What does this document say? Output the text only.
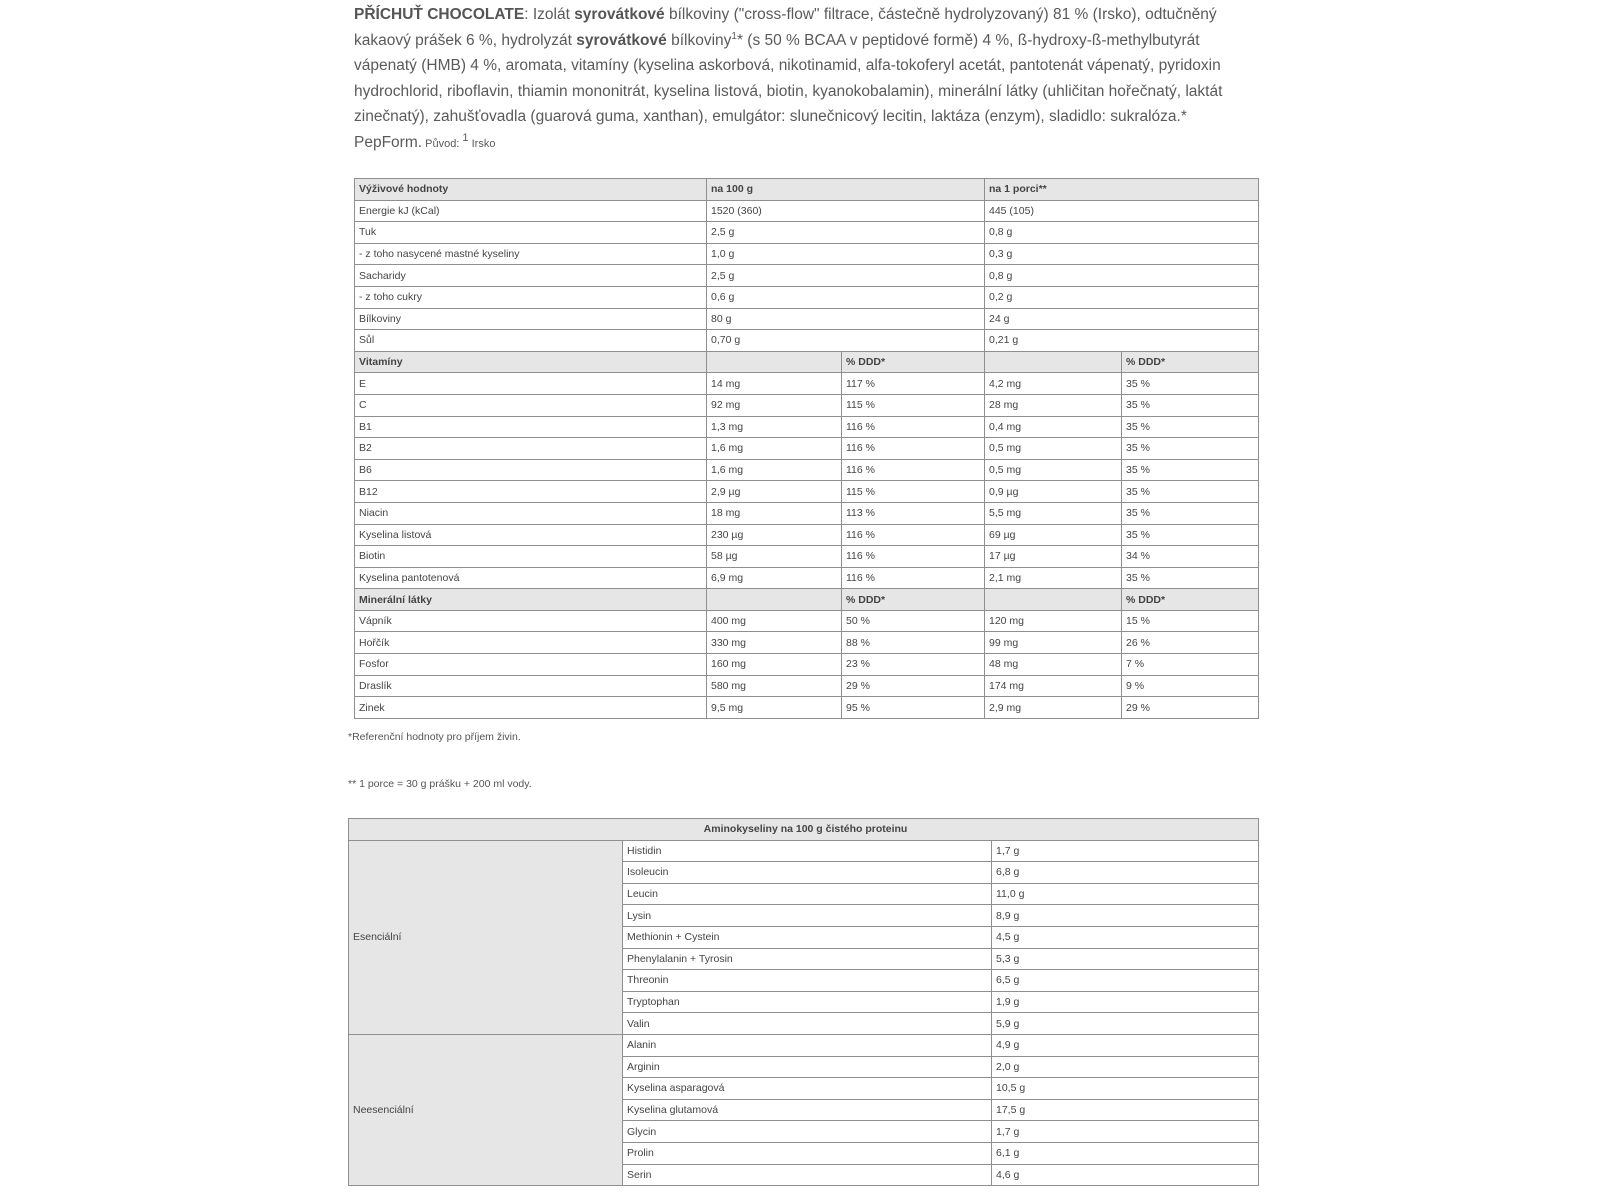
PŘÍCHUŤ CHOCOLATE: Izolát syrovátkové bílkoviny ("cross-flow" filtrace, částečně hydrolyzovaný) 81 % (Irsko), odtučněný kakaový prášek 6 %, hydrolyzát syrovátkové bílkoviny$^1$* (s 50 % BCAA v peptidové formě) 4 %, ß-hydroxy-ß-methylbutyrát vápenatý (HMB) 4 %, aromata, vitamíny (kyselina askorbová, nikotinamid, alfa-tokoferyl acetát, pantotenát vápenatý, pyridoxin hydrochlorid, riboflavin, thiamin mononitrát, kyselina listová, biotin, kyanokobalamin), minerální látky (uhličitan hořečnatý, laktát zinečnatý), zahušťovadla (guarová guma, xanthan), emulgátor: slunečnicový lecitin, laktáza (enzym), sladidlo: sukralóza.* PepForm. Původ: $^1$ Irsko
Výživové hodnoty	na 100 g		na 1 porci**	
Energie kJ (kCal)	1520 (360)		445 (105)	
Tuk	2,5 g		0,8 g	
- z toho nasycené mastné kyseliny	1,0 g		0,3 g	
Sacharidy	2,5 g		0,8 g	
- z toho cukry	0,6 g		0,2 g	
Bílkoviny	80 g		24 g	
Sůl	0,70 g		0,21 g	
Vitamíny		% DDD*		% DDD*
E	14 mg	117 %	4,2 mg	35 %
C	92 mg	115 %	28 mg	35 %
B1	1,3 mg	116 %	0,4 mg	35 %
B2	1,6 mg	116 %	0,5 mg	35 %
B6	1,6 mg	116 %	0,5 mg	35 %
B12	2,9 µg	115 %	0,9 µg	35 %
Niacin	18 mg	113 %	5,5 mg	35 %
Kyselina listová	230 µg	116 %	69 µg	35 %
Biotin	58 µg	116 %	17 µg	34 %
Kyselina pantotenová	6,9 mg	116 %	2,1 mg	35 %
Minerální látky		% DDD*		% DDD*
Vápník	400 mg	50 %	120 mg	15 %
Hořčík	330 mg	88 %	99 mg	26 %
Fosfor	160 mg	23 %	48 mg	7 %
Draslík	580 mg	29 %	174 mg	9 %
Zinek	9,5 mg	95 %	2,9 mg	29 %
*Referenční hodnoty pro příjem živin.
** 1 porce = 30 g prášku + 200 ml vody.
Aminokyseliny na 100 g čistého proteinu		
Esenciální	Histidin	1,7 g
	Isoleucin	6,8 g
	Leucin	11,0 g
	Lysin	8,9 g
	Methionin + Cystein	4,5 g
	Phenylalanin + Tyrosin	5,3 g
	Threonin	6,5 g
	Tryptophan	1,9 g
	Valin	5,9 g
Neesenciální	Alanin	4,9 g
	Arginin	2,0 g
	Kyselina asparagová	10,5 g
	Kyselina glutamová	17,5 g
	Glycin	1,7 g
	Prolin	6,1 g
	Serin	4,6 g
